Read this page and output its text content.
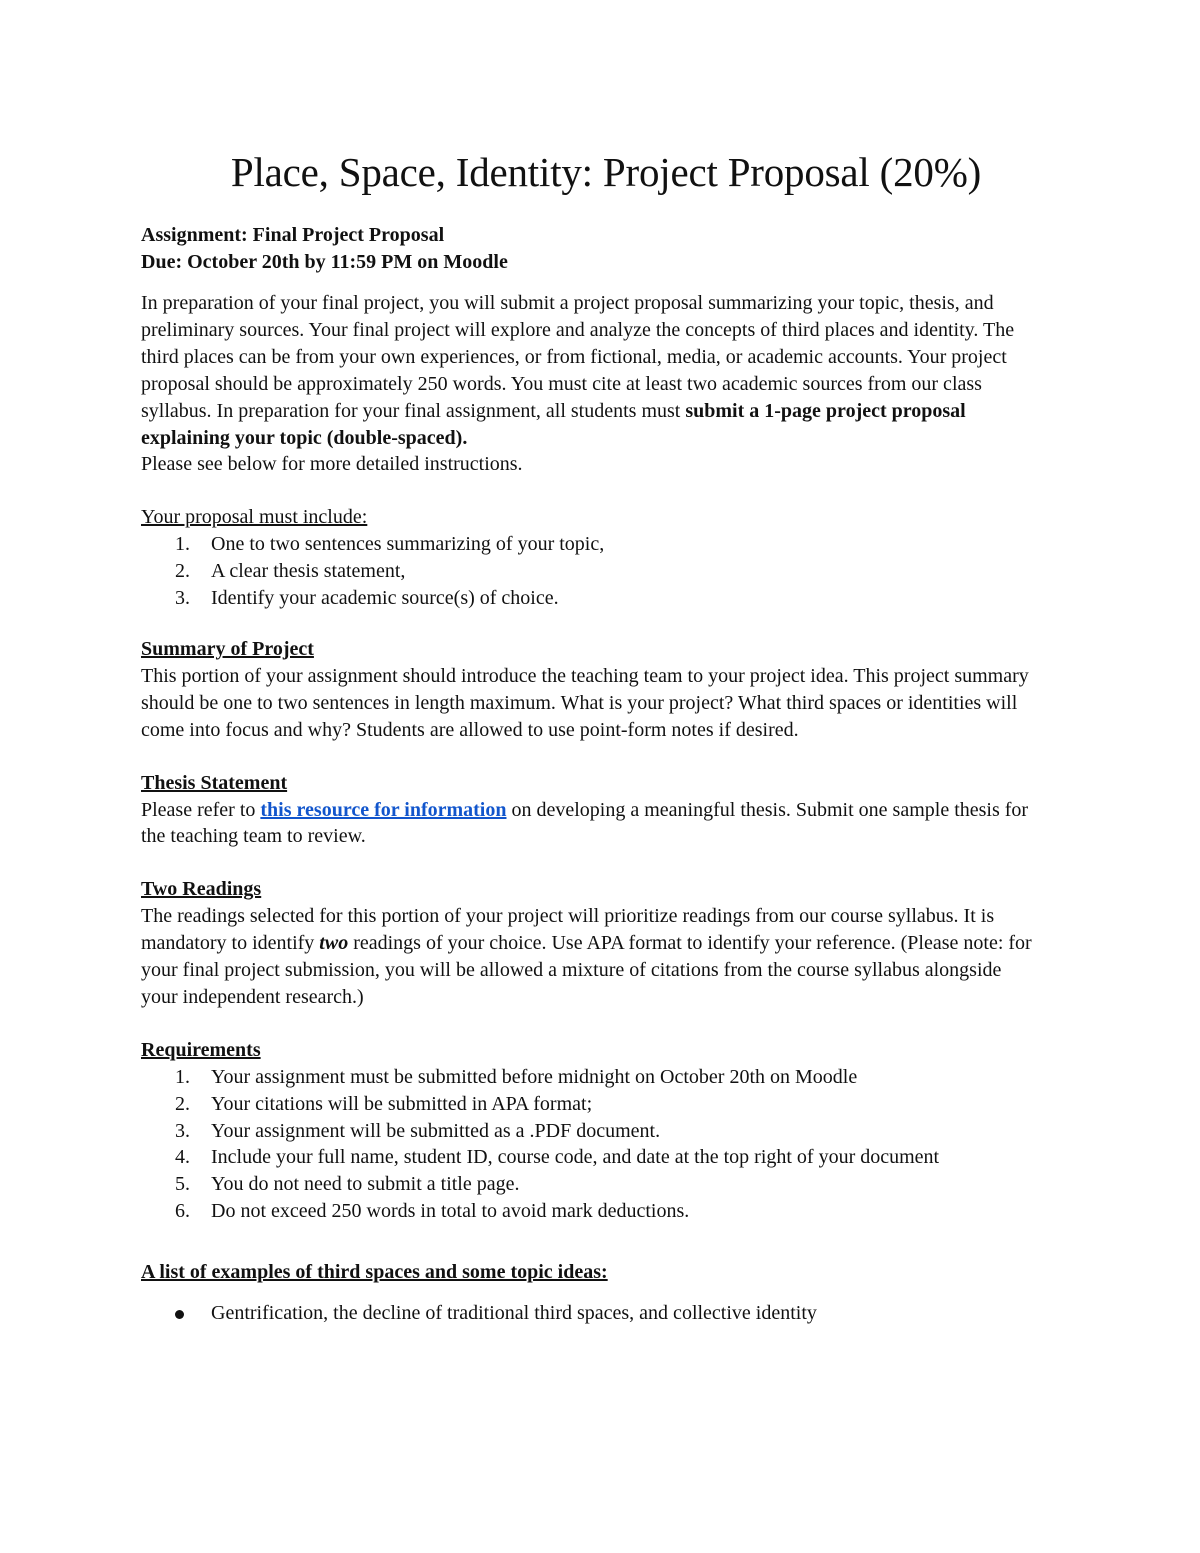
Place, Space, Identity: Project Proposal (20%)
Assignment: Final Project Proposal
Due: October 20th by 11:59 PM on Moodle

In preparation of your final project, you will submit a project proposal summarizing your topic, thesis, and preliminary sources. Your final project will explore and analyze the concepts of third places and identity. The third places can be from your own experiences, or from fictional, media, or academic accounts. Your project proposal should be approximately 250 words. You must cite at least two academic sources from our class syllabus. In preparation for your final assignment, all students must submit a 1-page project proposal explaining your topic (double-spaced).
Please see below for more detailed instructions.

Your proposal must include:
1.	One to two sentences summarizing of your topic,
2.	A clear thesis statement,
3.	Identify your academic source(s) of choice.
Summary of Project

This portion of your assignment should introduce the teaching team to your project idea. This project summary should be one to two sentences in length maximum. What is your project? What third spaces or identities will come into focus and why? Students are allowed to use point-form notes if desired.

Thesis Statement

Please refer to this resource for information on developing a meaningful thesis. Submit one sample thesis for the teaching team to review.

Two Readings

The readings selected for this portion of your project will prioritize readings from our course syllabus. It is mandatory to identify two readings of your choice. Use APA format to identify your reference. (Please note: for your final project submission, you will be allowed a mixture of citations from the course syllabus alongside your independent research.)

Requirements
1.	Your assignment must be submitted before midnight on October 20th on Moodle
2.	Your citations will be submitted in APA format;
3.	Your assignment will be submitted as a .PDF document.
4.	Include your full name, student ID, course code, and date at the top right of your document
5.	You do not need to submit a title page.
6.	Do not exceed 250 words in total to avoid mark deductions.
A list of examples of third spaces and some topic ideas:
Gentrification, the decline of traditional third spaces, and collective identity
